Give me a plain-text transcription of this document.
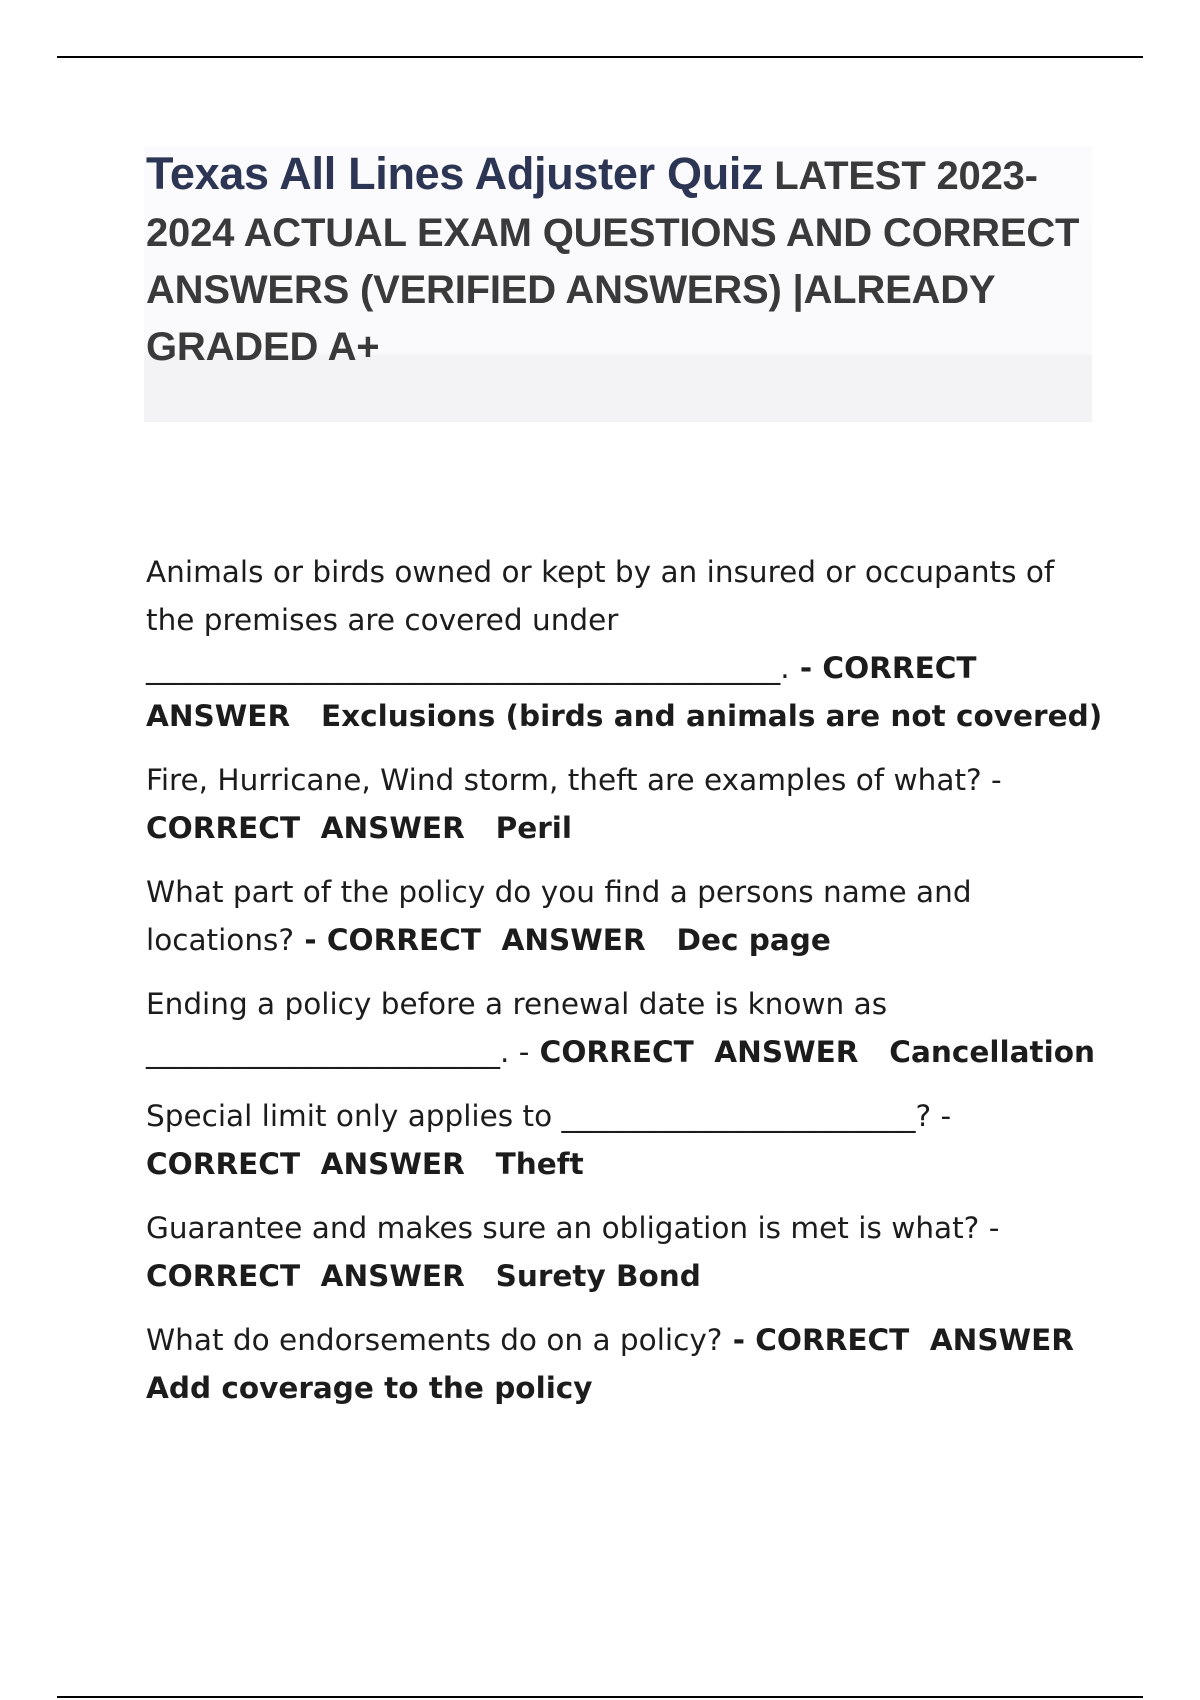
Texas All Lines Adjuster Quiz LATEST 2023-2024 ACTUAL EXAM QUESTIONS AND CORRECT ANSWERS (VERIFIED ANSWERS) |ALREADY GRADED A+
Animals or birds owned or kept by an insured or occupants of the premises are covered under ___________________________________________. - CORRECT ANSWER   Exclusions (birds and animals are not covered)
Fire, Hurricane, Wind storm, theft are examples of what? - CORRECT  ANSWER   Peril
What part of the policy do you find a persons name and locations? - CORRECT  ANSWER   Dec page
Ending a policy before a renewal date is known as ________________________. - CORRECT  ANSWER   Cancellation
Special limit only applies to ________________________? - CORRECT  ANSWER   Theft
Guarantee and makes sure an obligation is met is what? - CORRECT  ANSWER   Surety Bond
What do endorsements do on a policy? - CORRECT  ANSWER Add coverage to the policy
